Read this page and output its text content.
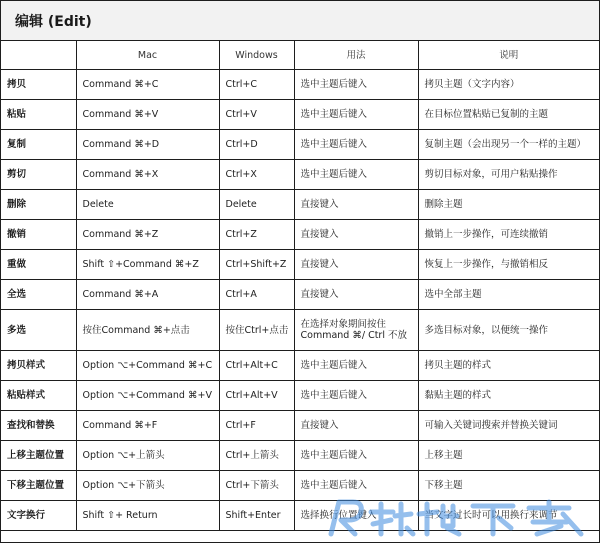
编辑 (Edit)
	Mac	Windows	用法	说明
拷贝	Command ⌘+C	Ctrl+C	选中主题后键入	拷贝主题（文字内容）
粘贴	Command ⌘+V	Ctrl+V	选中主题后键入	在目标位置粘贴已复制的主题
复制	Command ⌘+D	Ctrl+D	选中主题后键入	复制主题（会出现另一个一样的主题）
剪切	Command ⌘+X	Ctrl+X	选中主题后键入	剪切目标对象，可用户粘贴操作
删除	Delete	Delete	直接键入	删除主题
撤销	Command ⌘+Z	Ctrl+Z	直接键入	撤销上一步操作，可连续撤销
重做	Shift ⇧+Command ⌘+Z	Ctrl+Shift+Z	直接键入	恢复上一步操作，与撤销相反
全选	Command ⌘+A	Ctrl+A	直接键入	选中全部主题
多选	按住Command ⌘+点击	按住Ctrl+点击	在选择对象期间按住 Command ⌘/ Ctrl 不放	多选目标对象，以便统一操作
拷贝样式	Option ⌥+Command ⌘+C	Ctrl+Alt+C	选中主题后键入	拷贝主题的样式
粘贴样式	Option ⌥+Command ⌘+V	Ctrl+Alt+V	选中主题后键入	黏贴主题的样式
查找和替换	Command ⌘+F	Ctrl+F	直接键入	可输入关键词搜索并替换关键词
上移主题位置	Option ⌥+上箭头	Ctrl+上箭头	选中主题后键入	上移主题
下移主题位置	Option ⌥+下箭头	Ctrl+下箭头	选中主题后键入	下移主题
文字换行	Shift ⇧+ Return	Shift+Enter	选择换行位置键入	当文字过长时可以用换行来调节
